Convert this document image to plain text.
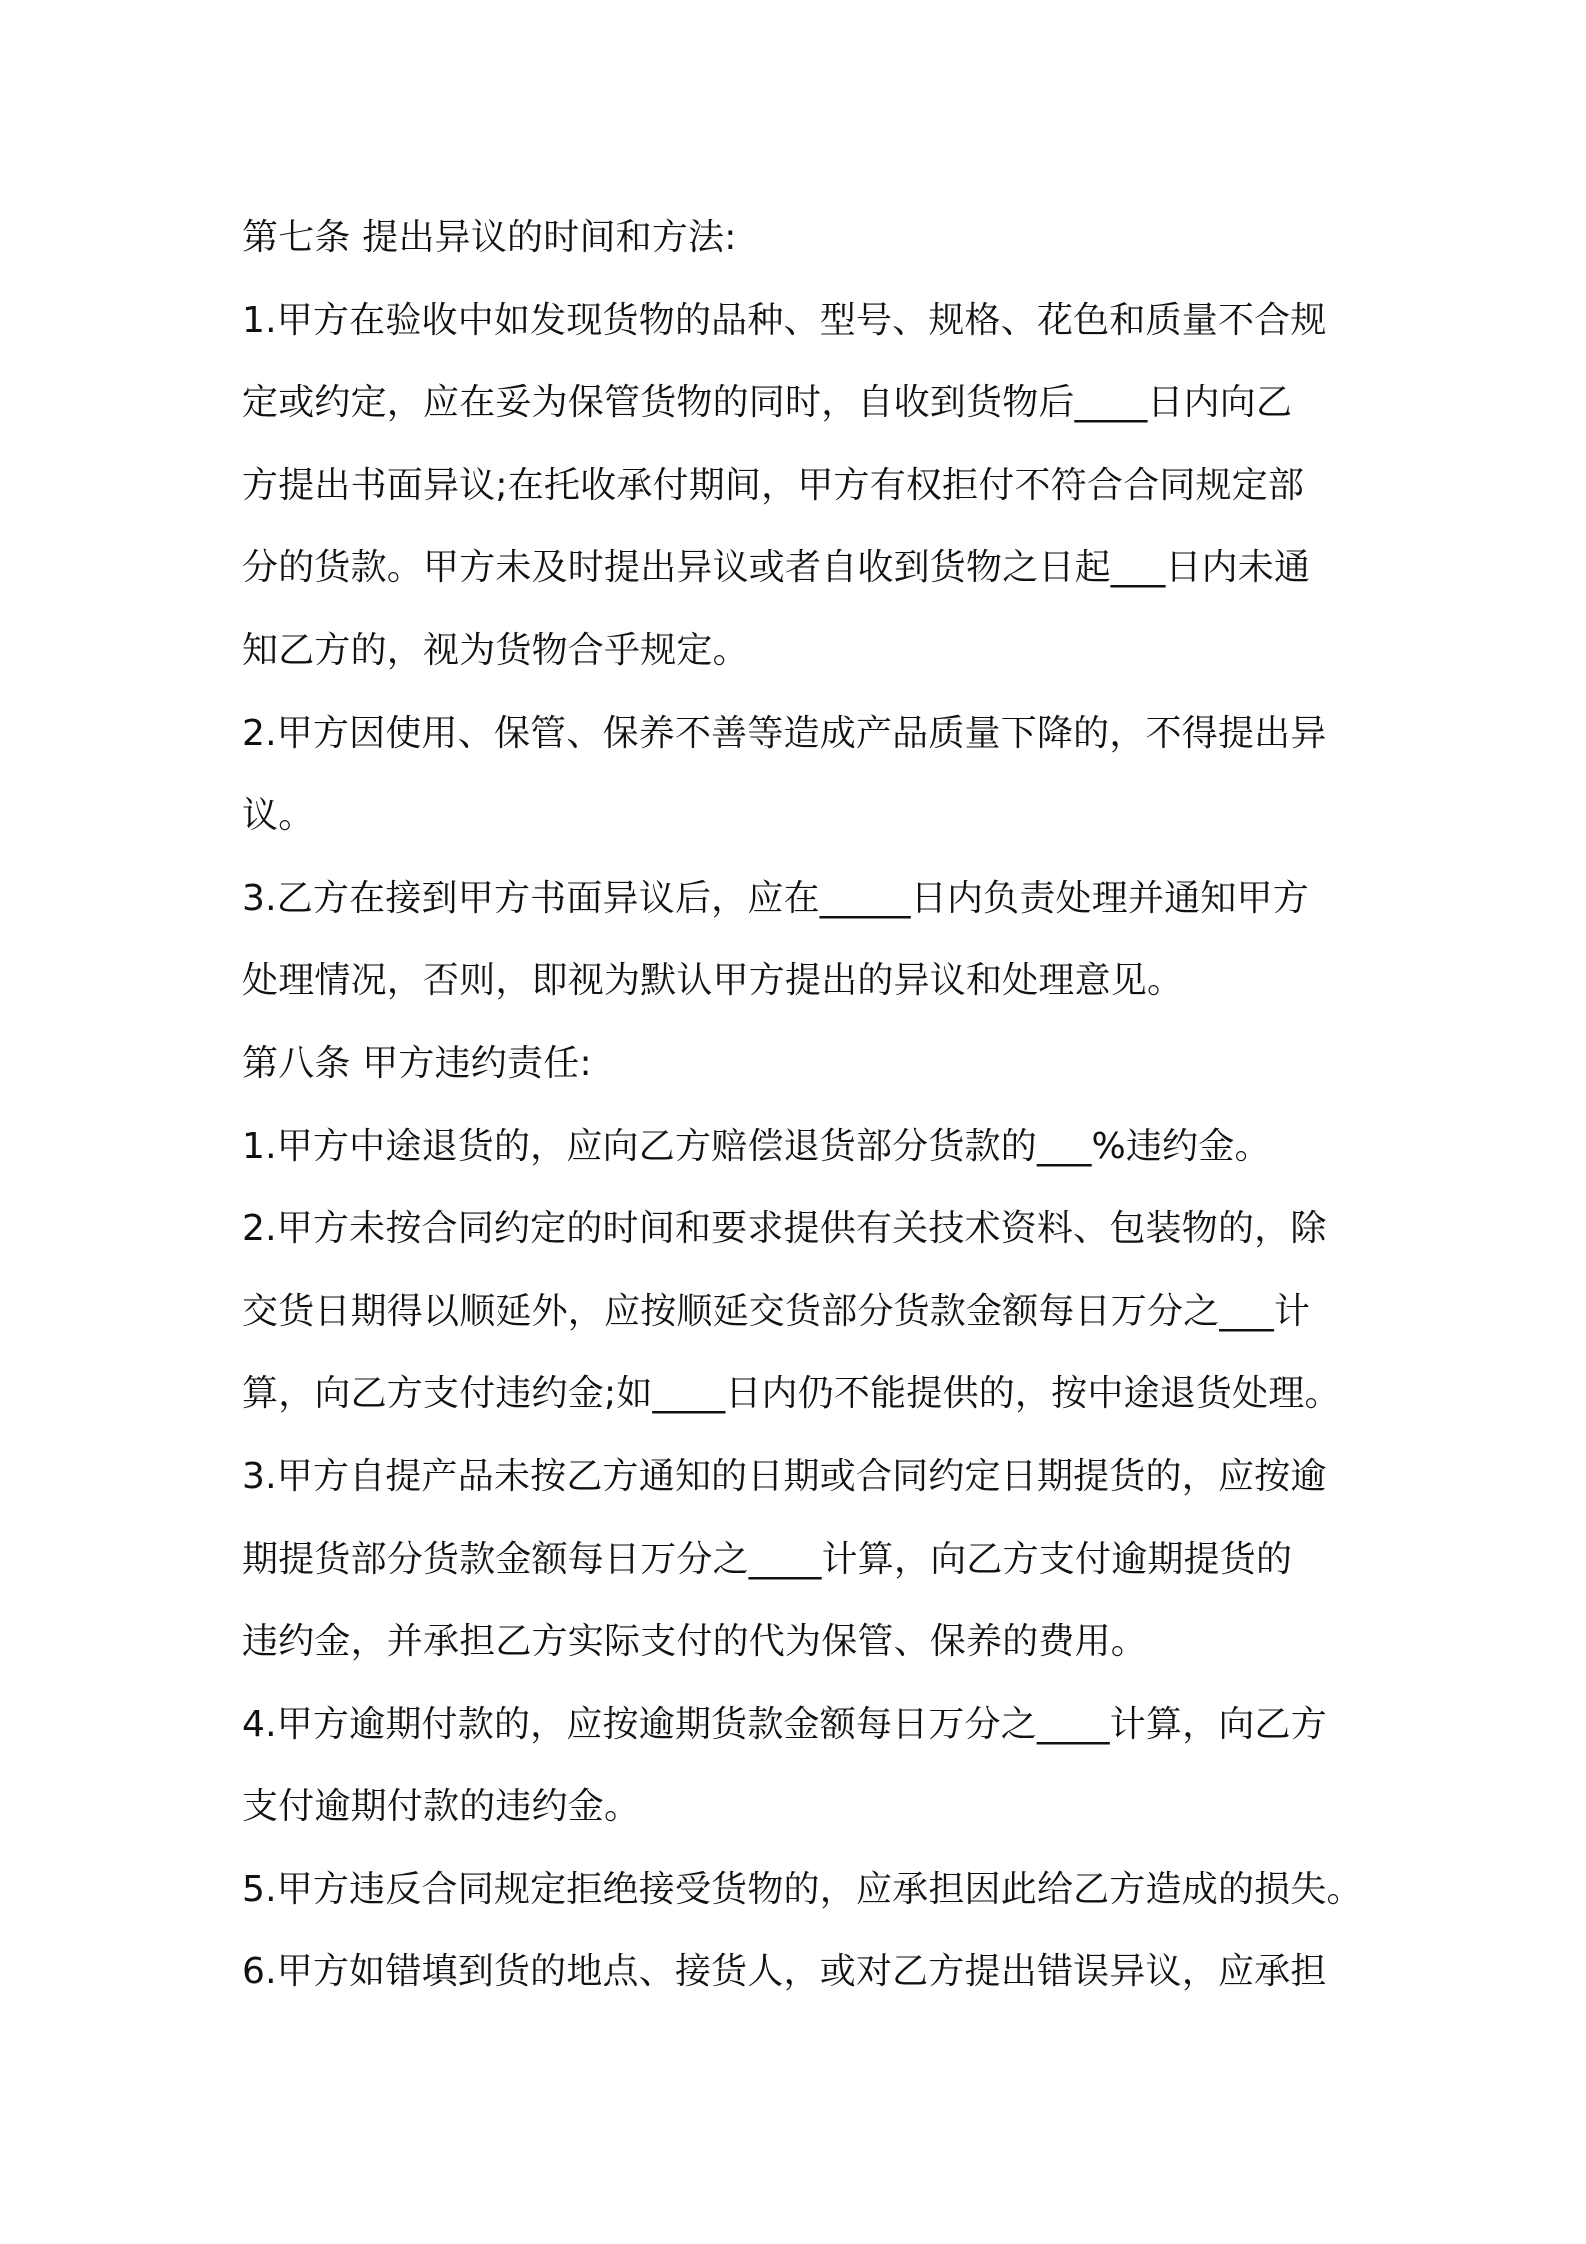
第七条 提出异议的时间和方法:
1.甲方在验收中如发现货物的品种、型号、规格、花色和质量不合规
定或约定，应在妥为保管货物的同时，自收到货物后____日内向乙
方提出书面异议;在托收承付期间，甲方有权拒付不符合合同规定部
分的货款。甲方未及时提出异议或者自收到货物之日起___日内未通
知乙方的，视为货物合乎规定。
2.甲方因使用、保管、保养不善等造成产品质量下降的，不得提出异
议。
3.乙方在接到甲方书面异议后，应在_____日内负责处理并通知甲方
处理情况，否则，即视为默认甲方提出的异议和处理意见。
第八条 甲方违约责任:
1.甲方中途退货的，应向乙方赔偿退货部分货款的___%违约金。
2.甲方未按合同约定的时间和要求提供有关技术资料、包装物的，除
交货日期得以顺延外，应按顺延交货部分货款金额每日万分之___计
算，向乙方支付违约金;如____日内仍不能提供的，按中途退货处理。
3.甲方自提产品未按乙方通知的日期或合同约定日期提货的，应按逾
期提货部分货款金额每日万分之____计算，向乙方支付逾期提货的
违约金，并承担乙方实际支付的代为保管、保养的费用。
4.甲方逾期付款的，应按逾期货款金额每日万分之____计算，向乙方
支付逾期付款的违约金。
5.甲方违反合同规定拒绝接受货物的，应承担因此给乙方造成的损失。
6.甲方如错填到货的地点、接货人，或对乙方提出错误异议，应承担
